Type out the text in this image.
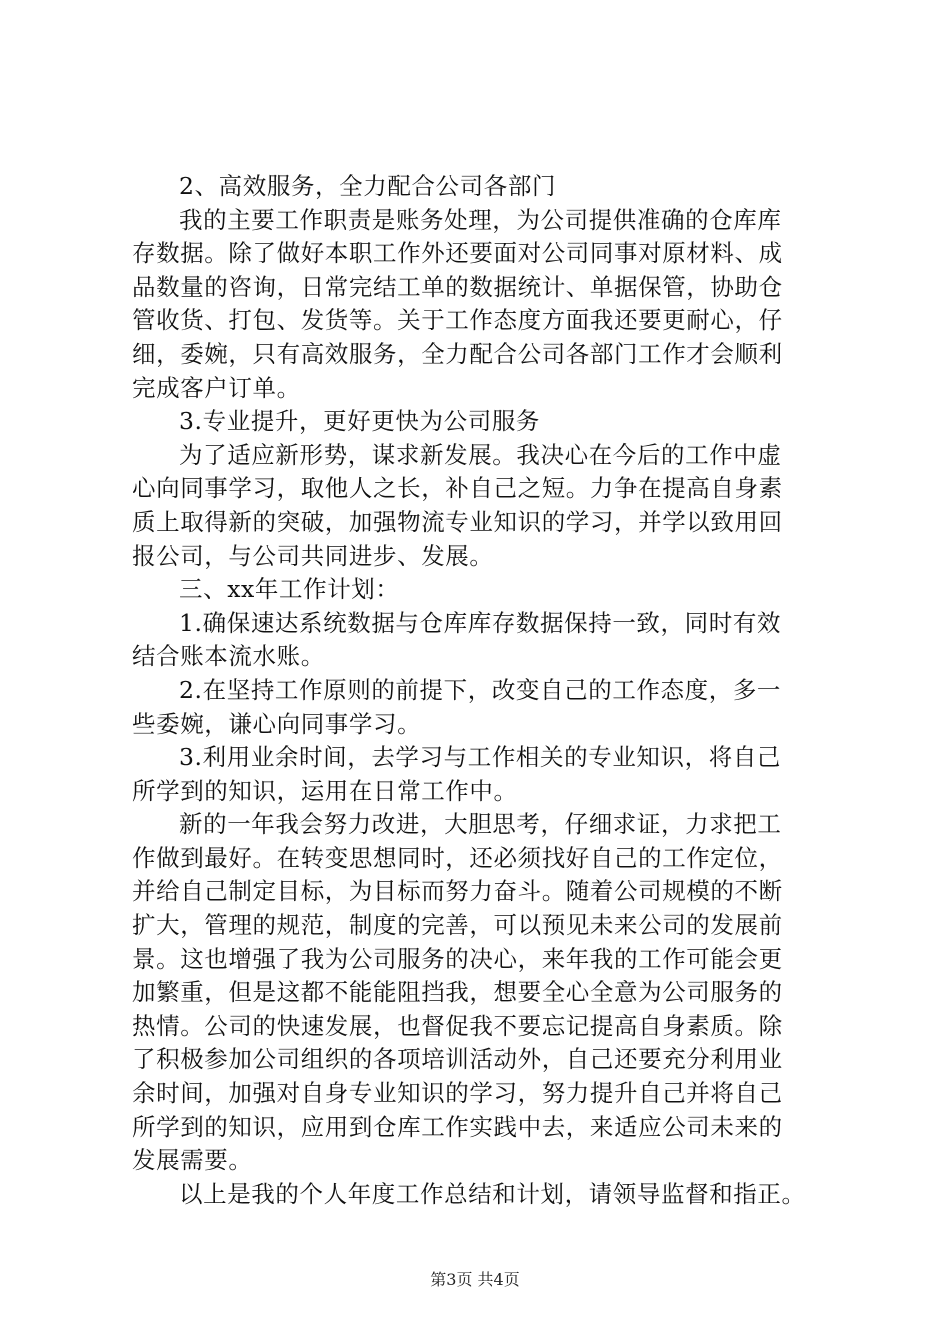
2、高效服务，全力配合公司各部门
我的主要工作职责是账务处理，为公司提供准确的仓库库
存数据。除了做好本职工作外还要面对公司同事对原材料、成
品数量的咨询，日常完结工单的数据统计、单据保管，协助仓
管收货、打包、发货等。关于工作态度方面我还要更耐心，仔
细，委婉，只有高效服务，全力配合公司各部门工作才会顺利
完成客户订单。
3.专业提升，更好更快为公司服务
为了适应新形势，谋求新发展。我决心在今后的工作中虚
心向同事学习，取他人之长，补自己之短。力争在提高自身素
质上取得新的突破，加强物流专业知识的学习，并学以致用回
报公司，与公司共同进步、发展。
三、xx年工作计划：
1.确保速达系统数据与仓库库存数据保持一致，同时有效
结合账本流水账。
2.在坚持工作原则的前提下，改变自己的工作态度，多一
些委婉，谦心向同事学习。
3.利用业余时间，去学习与工作相关的专业知识，将自己
所学到的知识，运用在日常工作中。
新的一年我会努力改进，大胆思考，仔细求证，力求把工
作做到最好。在转变思想同时，还必须找好自己的工作定位，
并给自己制定目标，为目标而努力奋斗。随着公司规模的不断
扩大，管理的规范，制度的完善，可以预见未来公司的发展前
景。这也增强了我为公司服务的决心，来年我的工作可能会更
加繁重，但是这都不能能阻挡我，想要全心全意为公司服务的
热情。公司的快速发展，也督促我不要忘记提高自身素质。除
了积极参加公司组织的各项培训活动外，自己还要充分利用业
余时间，加强对自身专业知识的学习，努力提升自己并将自己
所学到的知识，应用到仓库工作实践中去，来适应公司未来的
发展需要。
以上是我的个人年度工作总结和计划，请领导监督和指正。
第3页 共4页
